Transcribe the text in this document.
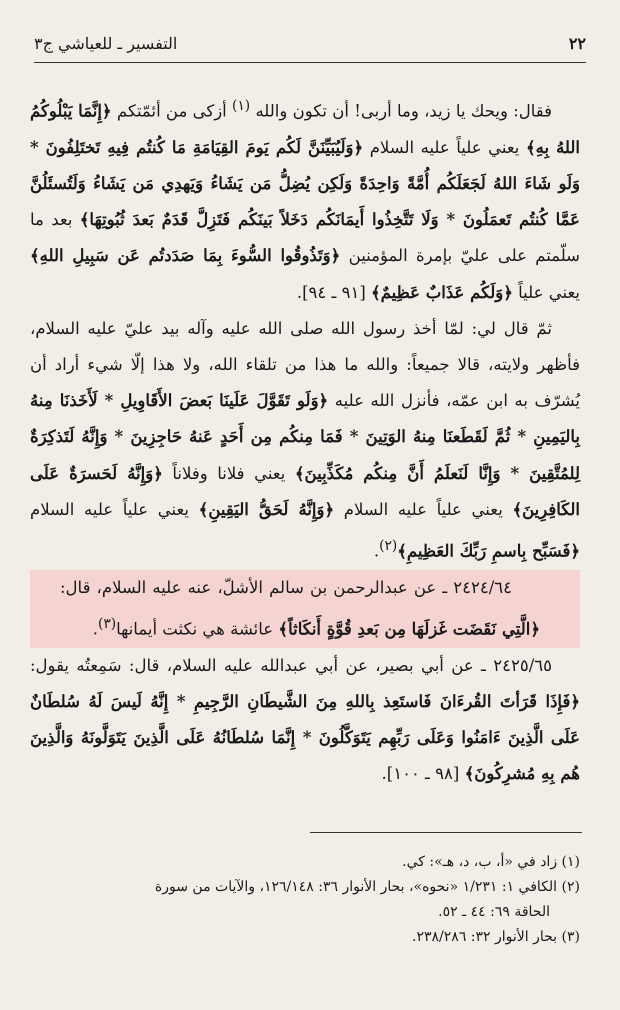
٢٢
التفسير ـ للعياشي ج٣

فقال: ويحك يا زيد، وما أربى! أن تكون والله $^{(١)}$ أزكى من أئمّتكم ﴿إِنَّمَا يَبْلُوكُمُ اللهُ بِهِ﴾ يعني علياً عليه السلام ﴿وَلَيُبَيِّنَنَّ لَكُم يَومَ القِيَامَةِ مَا كُنتُم فِيهِ تَختَلِفُونَ * وَلَو شَاءَ اللهُ لَجَعَلَكُم أُمَّةً وَاحِدَةً وَلَكِن يُضِلُّ مَن يَشَاءُ وَيَهدِي مَن يَشَاءُ وَلَتُسئَلُنَّ عَمَّا كُنتُم تَعمَلُونَ * وَلَا تَتَّخِذُوا أَيمَانَكُم دَخَلاً بَينَكُم فَتَزِلَّ قَدَمٌ بَعدَ ثُبُوتِهَا﴾ بعد ما سلّمتم على عليّ بإمرة المؤمنين ﴿وَتَذُوقُوا السُّوءَ بِمَا صَدَدتُم عَن سَبِيلِ اللهِ﴾ يعني علياً ﴿وَلَكُم عَذَابٌ عَظِيمٌ﴾ [٩١ ـ ٩٤].

ثمّ قال لي: لمّا أخذ رسول الله صلى الله عليه وآله بيد عليّ عليه السلام، فأظهر ولايته، قالا جميعاً: والله ما هذا من تلقاء الله، ولا هذا إلّا شيء أراد أن يُشرّف به ابن عمّه، فأنزل الله عليه ﴿وَلَو تَقَوَّلَ عَلَينَا بَعضَ الأَقَاوِيلِ * لَأَخَذنَا مِنهُ بِاليَمِينِ * ثُمَّ لَقَطَعنَا مِنهُ الوَتِينَ * فَمَا مِنكُم مِن أَحَدٍ عَنهُ حَاجِزِينَ * وَإِنَّهُ لَتَذكِرَةٌ لِلمُتَّقِينَ * وَإِنَّا لَنَعلَمُ أَنَّ مِنكُم مُكَذِّبِينَ﴾ يعني فلانا وفلاناً ﴿وَإِنَّهُ لَحَسرَةٌ عَلَى الكَافِرِينَ﴾ يعني علياً عليه السلام ﴿وَإِنَّهُ لَحَقُّ اليَقِينِ﴾ يعني علياً عليه السلام ﴿فَسَبِّح بِاسمِ رَبِّكَ العَظِيمِ﴾$^{(٢)}$.

٢٤٢٤/٦٤ ـ عن عبدالرحمن بن سالم الأشلّ، عنه عليه السلام، قال: ﴿الَّتِي نَقَضَت غَزلَهَا مِن بَعدِ قُوَّةٍ أَنكَاثاً﴾ عائشة هي نكثت أيمانها$^{(٣)}$.

٢٤٢٥/٦٥ ـ عن أبي بصير، عن أبي عبدالله عليه السلام، قال: سَمِعتُه يقول: ﴿فَإِذَا قَرَأتَ القُرءَانَ فَاستَعِذ بِاللهِ مِنَ الشَّيطَانِ الرَّجِيمِ * إِنَّهُ لَيسَ لَهُ سُلطَانٌ عَلَى الَّذِينَ ءَامَنُوا وَعَلَى رَبِّهِم يَتَوَكَّلُونَ * إِنَّمَا سُلطَانُهُ عَلَى الَّذِينَ يَتَوَلَّونَهُ وَالَّذِينَ هُم بِهِ مُشرِكُونَ﴾ [٩٨ ـ ١٠٠].

(١) زاد في «أ، ب، د، هـ»: كي.

(٢) الكافي ١: ١/٢٣١ «نحوه»، بحار الأنوار ٣٦: ١٢٦/١٤٨، والآيات من سورة

الحاقة ٦٩: ٤٤ ـ ٥٢.

(٣) بحار الأنوار ٣٢: ٢٣٨/٢٨٦.
